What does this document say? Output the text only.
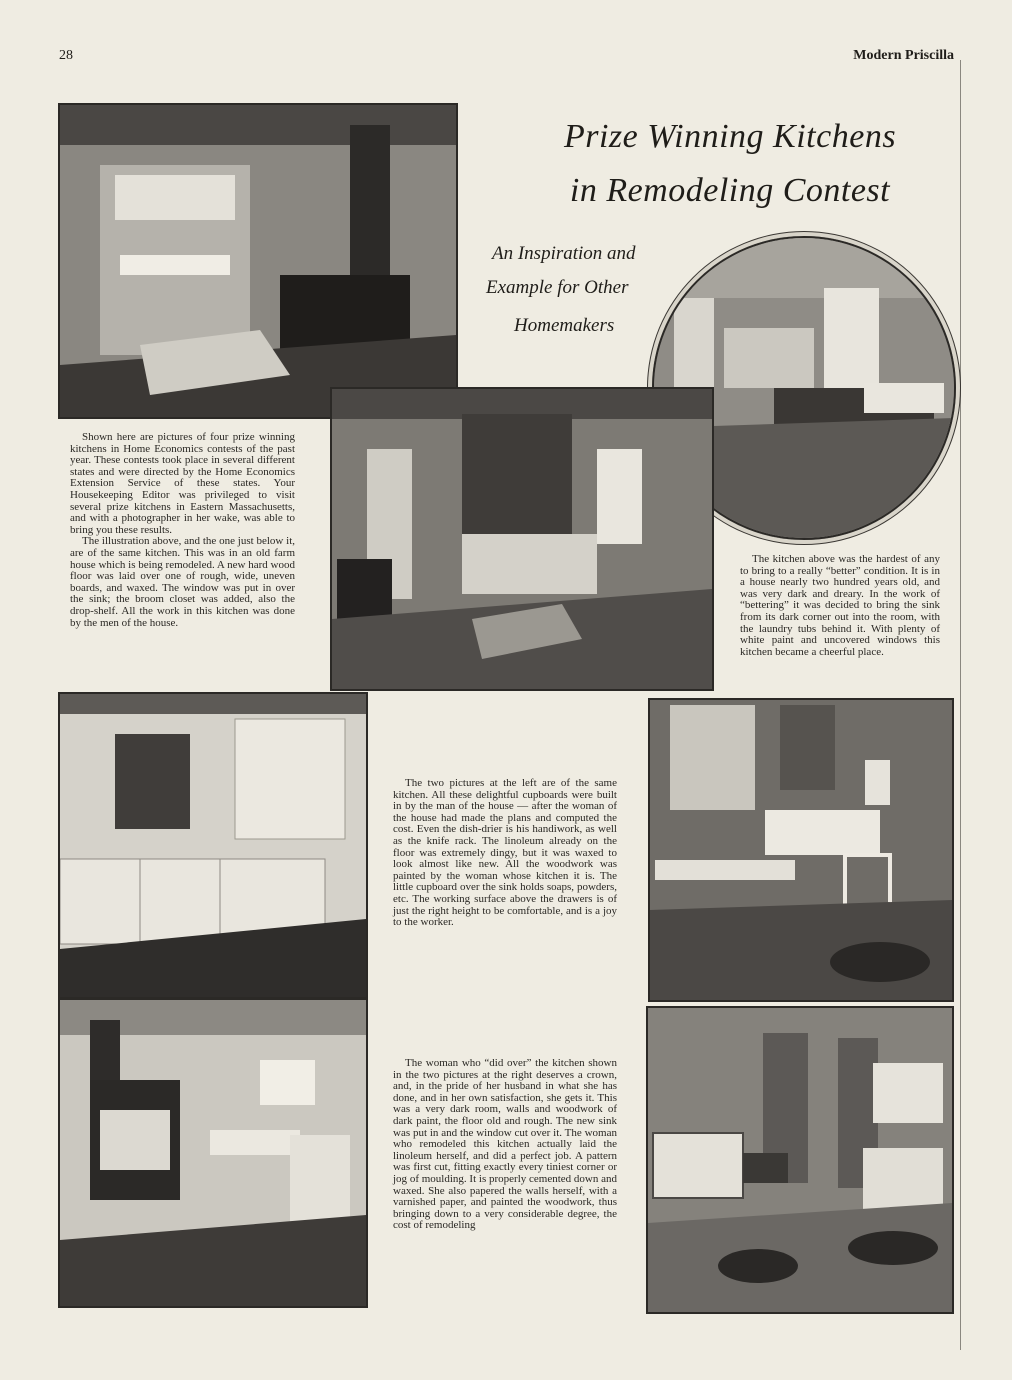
28	Modern Priscilla
Prize Winning Kitchens
in Remodeling Contest
An Inspiration and
Example for Other
Homemakers

Shown here are pictures of four prize winning kitchens in Home Economics contests of the past year. These contests took place in several different states and were directed by the Home Economics Extension Service of these states. Your Housekeeping Editor was privileged to visit several prize kitchens in Eastern Massachusetts, and with a photographer in her wake, was able to bring you these results.

The illustration above, and the one just below it, are of the same kitchen. This was in an old farm house which is being remodeled. A new hard wood floor was laid over one of rough, wide, uneven boards, and waxed. The window was put in over the sink; the broom closet was added, also the drop-shelf. All the work in this kitchen was done by the men of the house.

The kitchen above was the hardest of any to bring to a really “better” condition. It is in a house nearly two hundred years old, and was very dark and dreary. In the work of “bettering” it was decided to bring the sink from its dark corner out into the room, with the laundry tubs behind it. With plenty of white paint and uncovered windows this kitchen became a cheerful place.

The two pictures at the left are of the same kitchen. All these delightful cupboards were built in by the man of the house — after the woman of the house had made the plans and computed the cost. Even the dish-drier is his handiwork, as well as the knife rack. The linoleum already on the floor was extremely dingy, but it was waxed to look almost like new. All the woodwork was painted by the woman whose kitchen it is. The little cupboard over the sink holds soaps, powders, etc. The working surface above the drawers is of just the right height to be comfortable, and is a joy to the worker.

The woman who “did over” the kitchen shown in the two pictures at the right deserves a crown, and, in the pride of her husband in what she has done, and in her own satisfaction, she gets it. This was a very dark room, walls and woodwork of dark paint, the floor old and rough. The new sink was put in and the window cut over it. The woman who remodeled this kitchen actually laid the linoleum herself, and did a perfect job. A pattern was first cut, fitting exactly every tiniest corner or jog of moulding. It is properly cemented down and waxed. She also papered the walls herself, with a varnished paper, and painted the woodwork, thus bringing down to a very considerable degree, the cost of remodeling
